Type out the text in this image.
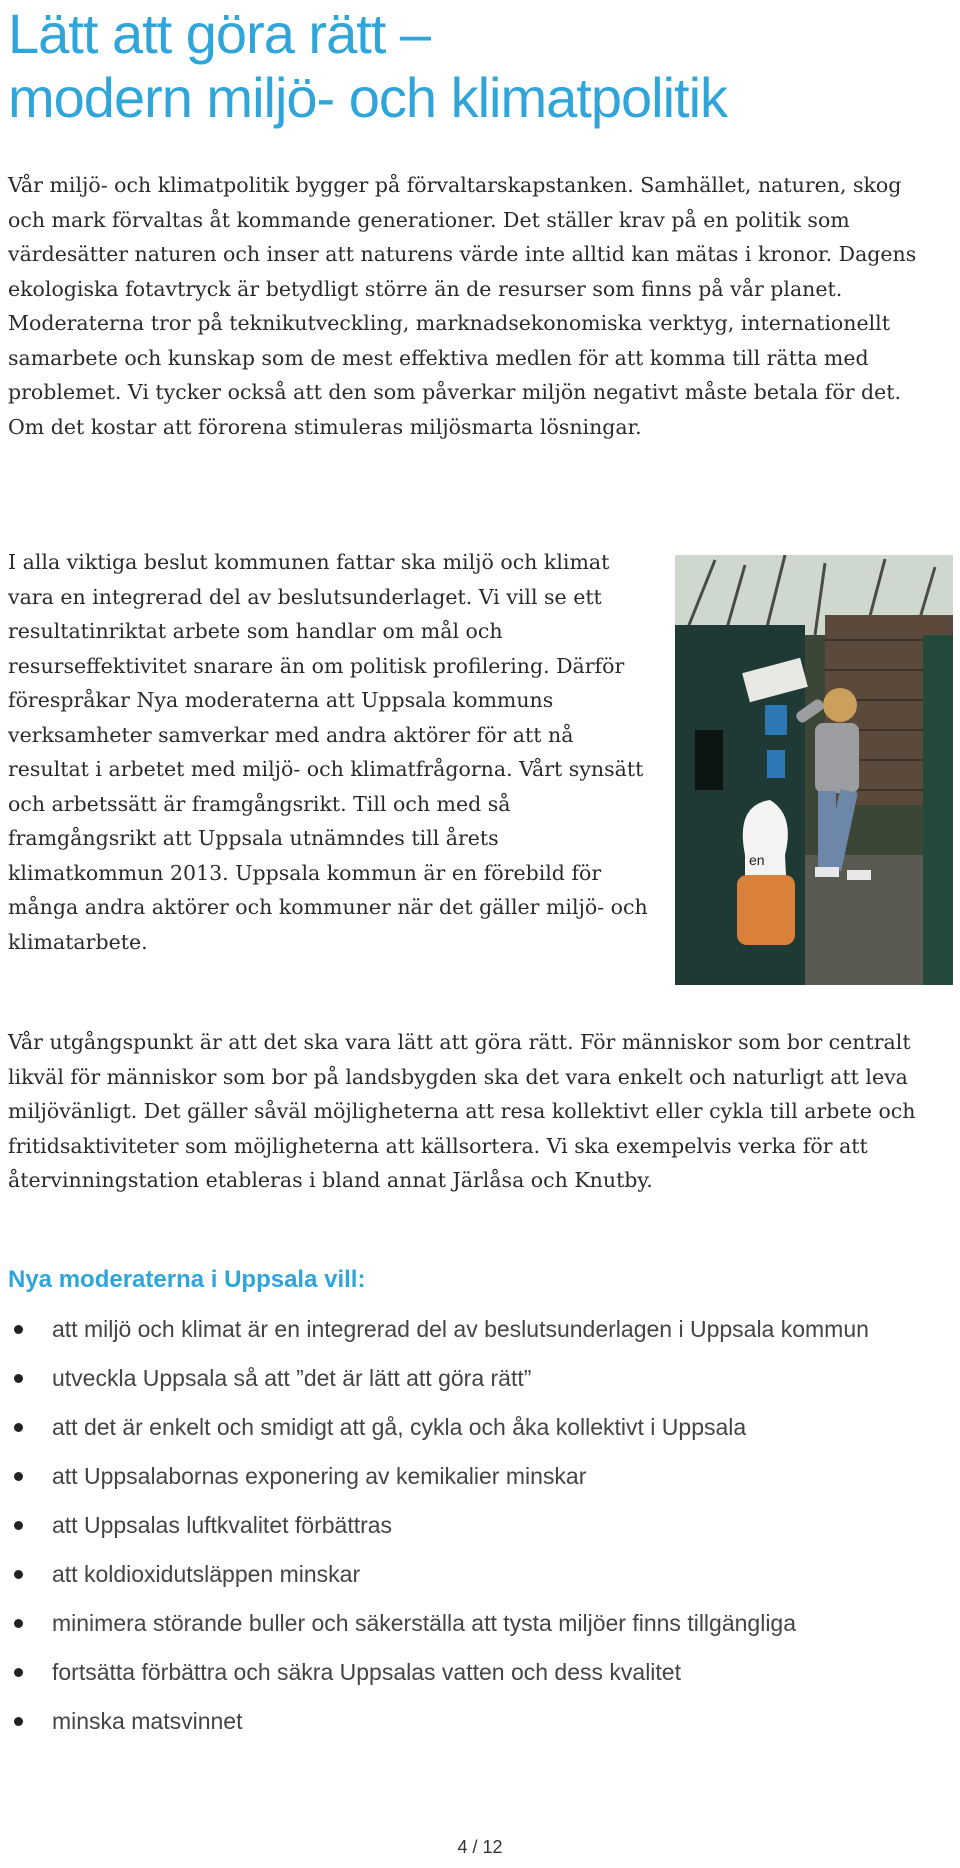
Lätt att göra rätt –
modern miljö- och klimatpolitik

Vår miljö- och klimatpolitik bygger på förvaltarskapstanken. Samhället, naturen, skog och mark förvaltas åt kommande generationer. Det ställer krav på en politik som värdesätter naturen och inser att naturens värde inte alltid kan mätas i kronor. Dagens ekologiska fotavtryck är betydligt större än de resurser som finns på vår planet. Moderaterna tror på teknikutveckling, marknadsekonomiska verktyg, internationellt samarbete och kunskap som de mest effektiva medlen för att komma till rätta med problemet. Vi tycker också att den som påverkar miljön negativt måste betala för det. Om det kostar att förorena stimuleras miljösmarta lösningar.

I alla viktiga beslut kommunen fattar ska miljö och klimat vara en integrerad del av beslutsunderlaget. Vi vill se ett resultatinriktat arbete som handlar om mål och resurseffektivitet snarare än om politisk profilering. Därför förespråkar Nya moderaterna att Uppsala kommuns verksamheter samverkar med andra aktörer för att nå resultat i arbetet med miljö- och klimatfrågorna. Vårt synsätt och arbetssätt är framgångsrikt. Till och med så framgångsrikt att Uppsala utnämndes till årets klimatkommun 2013. Uppsala kommun är en förebild för många andra aktörer och kommuner när det gäller miljö- och klimatarbete.

en

Vår utgångspunkt är att det ska vara lätt att göra rätt. För människor som bor centralt likväl för människor som bor på landsbygden ska det vara enkelt och naturligt att leva miljövänligt. Det gäller såväl möjligheterna att resa kollektivt eller cykla till arbete och fritidsaktiviteter som möjligheterna att källsortera. Vi ska exempelvis verka för att återvinningstation etableras i bland annat Järlåsa och Knutby.

Nya moderaterna i Uppsala vill:
att miljö och klimat är en integrerad del av beslutsunderlagen i Uppsala kommun
utveckla Uppsala så att ”det är lätt att göra rätt”
att det är enkelt och smidigt att gå, cykla och åka kollektivt i Uppsala
att Uppsalabornas exponering av kemikalier minskar
att Uppsalas luftkvalitet förbättras
att koldioxidutsläppen minskar
minimera störande buller och säkerställa att tysta miljöer finns tillgängliga
fortsätta förbättra och säkra Uppsalas vatten och dess kvalitet
minska matsvinnet
4 / 12
